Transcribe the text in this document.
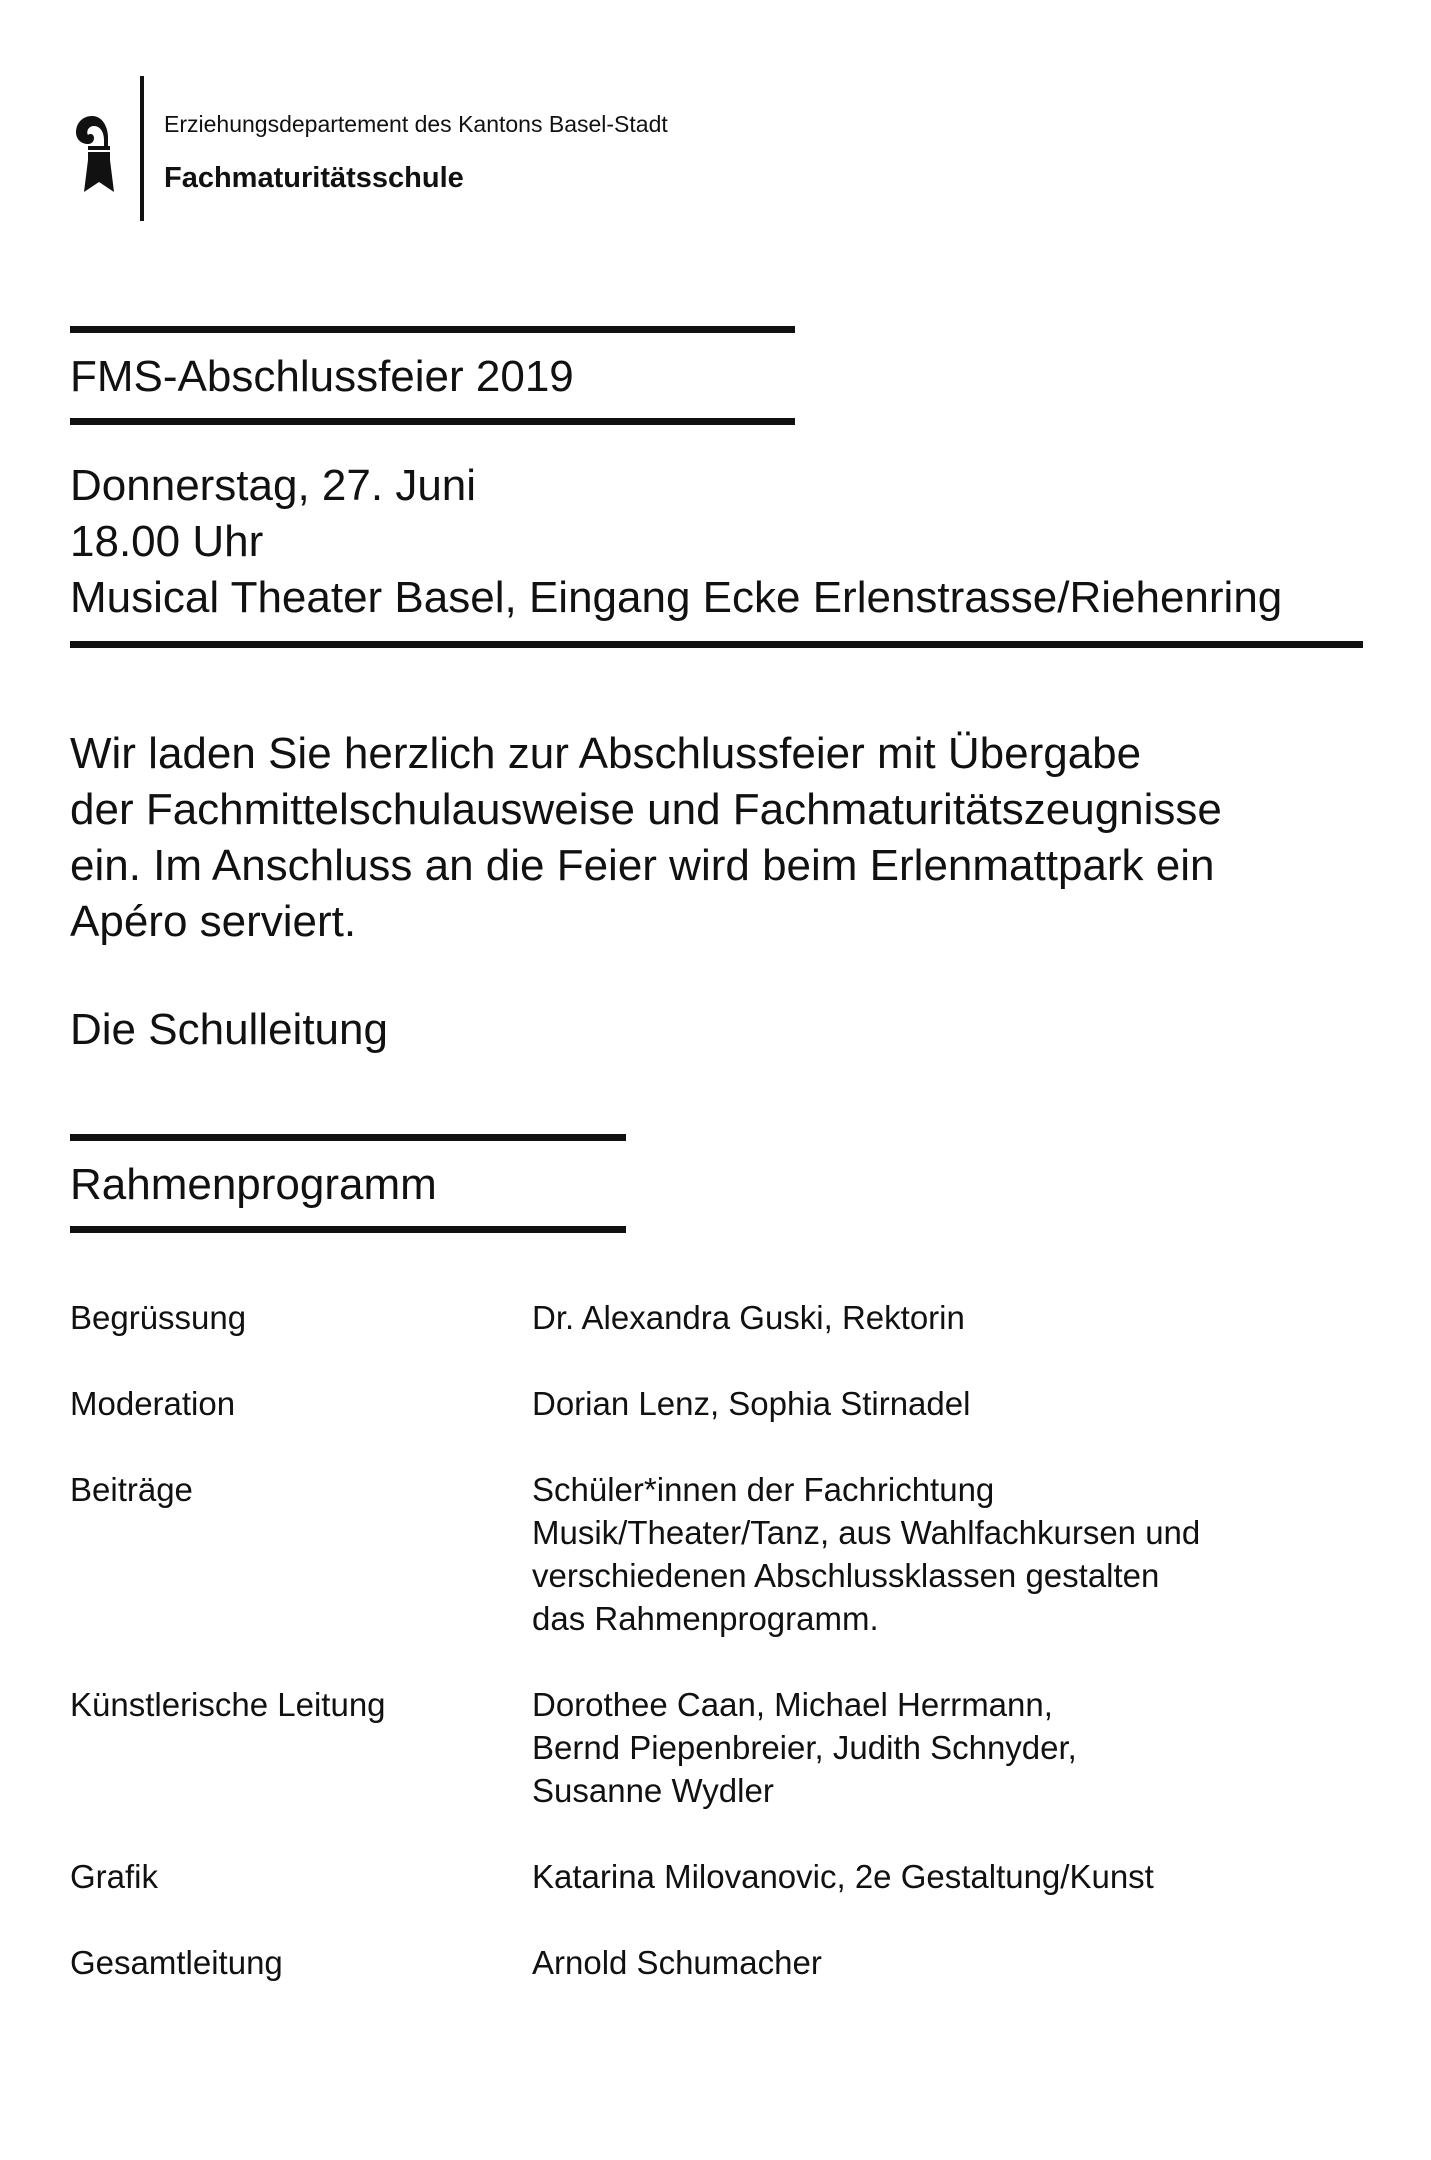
Erziehungsdepartement des Kantons Basel-Stadt
Fachmaturitätsschule
FMS-Abschlussfeier 2019
Donnerstag, 27. Juni
18.00 Uhr
Musical Theater Basel, Eingang Ecke Erlenstrasse/Riehenring
Wir laden Sie herzlich zur Abschlussfeier mit Übergabe
der Fachmittelschulausweise und Fachmaturitätszeugnisse
ein. Im Anschluss an die Feier wird beim Erlenmattpark ein
Apéro serviert.
Die Schulleitung
Rahmenprogramm
Begrüssung	Dr. Alexandra Guski, Rektorin
Moderation	Dorian Lenz, Sophia Stirnadel
Beiträge	Schüler*innen der Fachrichtung
Musik/Theater/Tanz, aus Wahlfachkursen und
verschiedenen Abschlussklassen gestalten
das Rahmenprogramm.
Künstlerische Leitung	Dorothee Caan, Michael Herrmann,
Bernd Piepenbreier, Judith Schnyder,
Susanne Wydler
Grafik	Katarina Milovanovic, 2e Gestaltung/Kunst
Gesamtleitung	Arnold Schumacher
